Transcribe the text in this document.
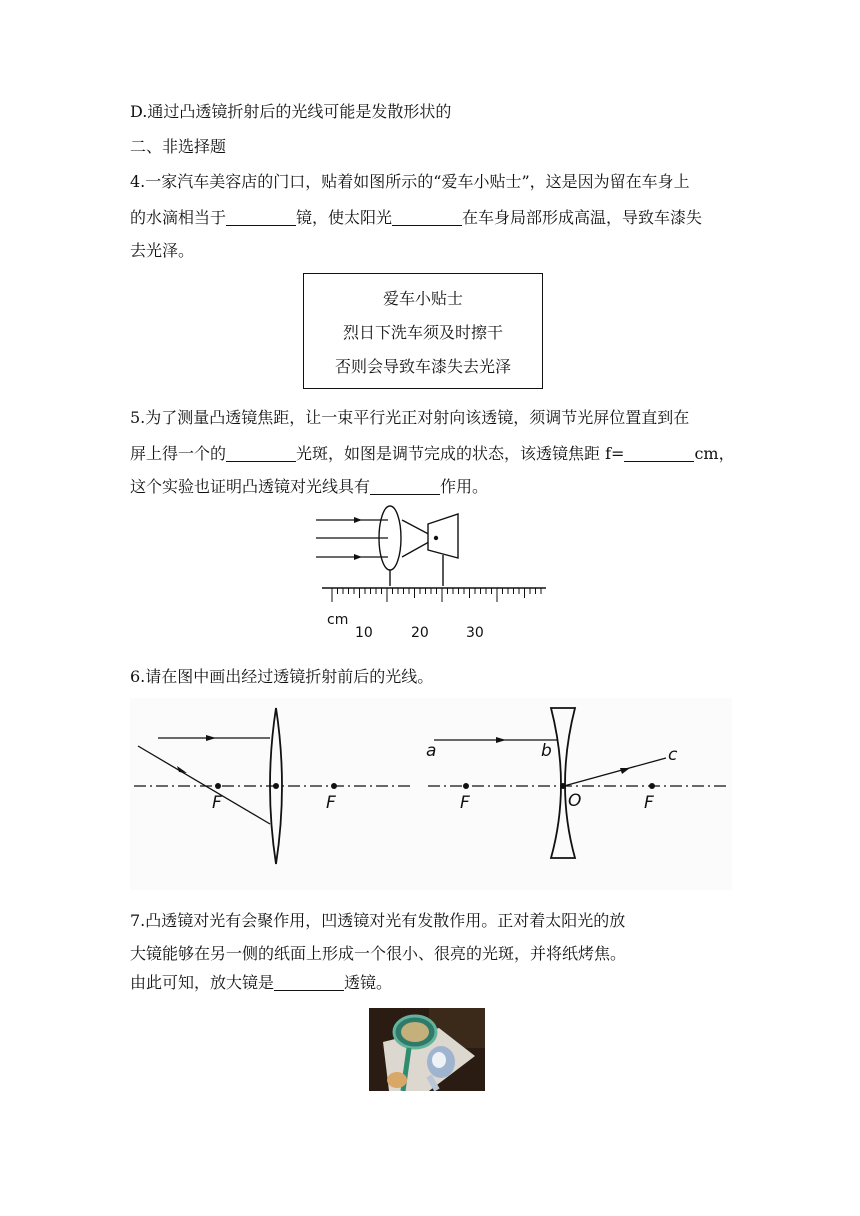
D.通过凸透镜折射后的光线可能是发散形状的
二、非选择题
4.一家汽车美容店的门口，贴着如图所示的“爱车小贴士”，这是因为留在车身上
的水滴相当于	镜，使太阳光	在车身局部形成高温，导致车漆失
去光泽。
爱车小贴士
烈日下洗车须及时擦干
否则会导致车漆失去光泽
5.为了测量凸透镜焦距，让一束平行光正对射向该透镜，须调节光屏位置直到在
屏上得一个的	光斑，如图是调节完成的状态，该透镜焦距 f=	cm，
这个实验也证明凸透镜对光线具有	作用。
cm
10	20	30
6.请在图中画出经过透镜折射前后的光线。
F	F
a	b	c
F	O	F
7.凸透镜对光有会聚作用，凹透镜对光有发散作用。正对着太阳光的放
大镜能够在另一侧的纸面上形成一个很小、很亮的光斑，并将纸烤焦。
由此可知，放大镜是	透镜。
